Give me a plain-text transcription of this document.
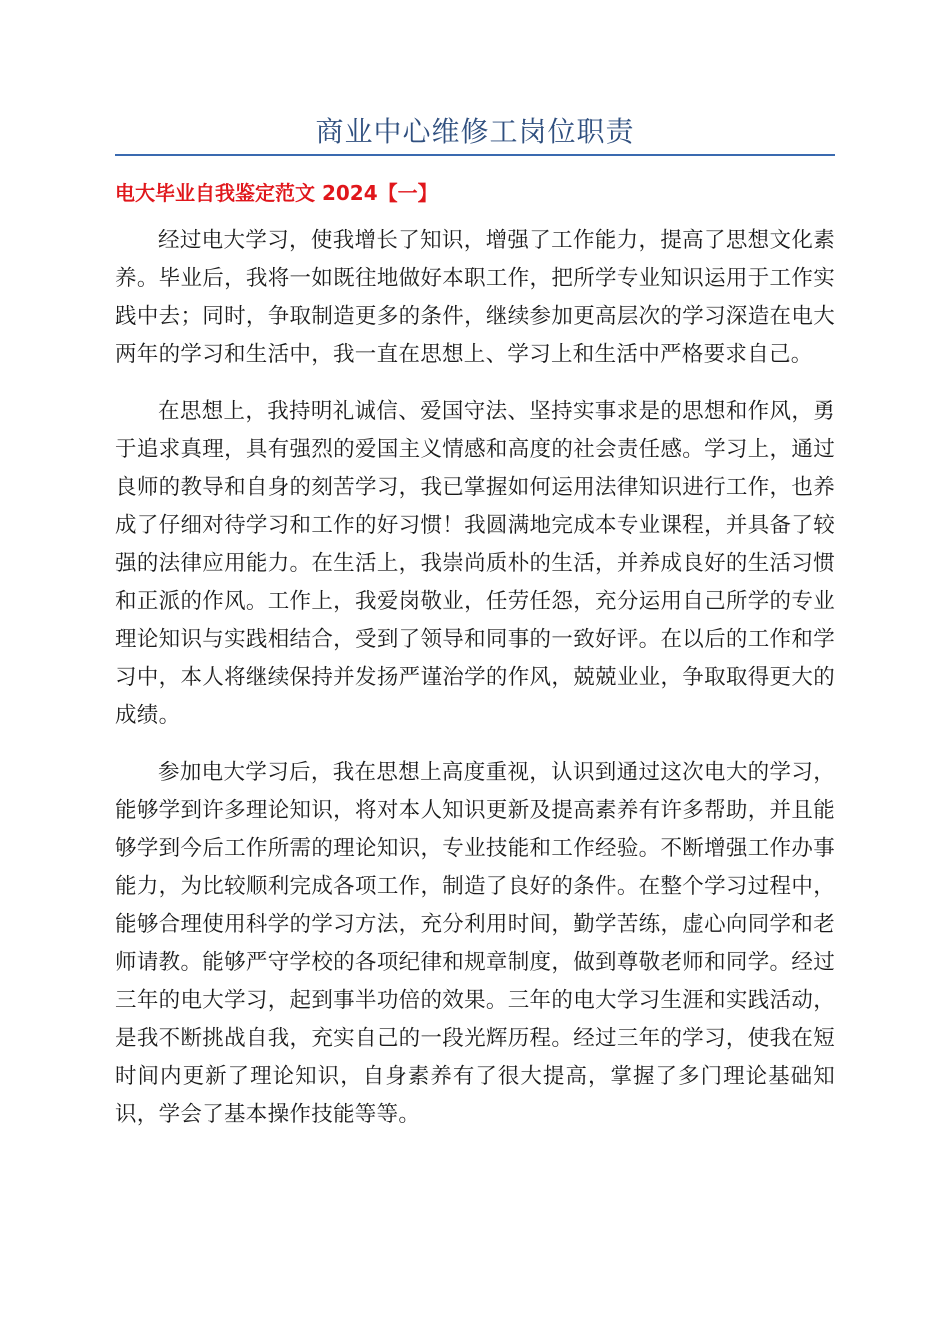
商业中心维修工岗位职责
电大毕业自我鉴定范文 2024【一】

经过电大学习，使我增长了知识，增强了工作能力，提高了思想文化素养。毕业后，我将一如既往地做好本职工作，把所学专业知识运用于工作实践中去；同时，争取制造更多的条件，继续参加更高层次的学习深造在电大两年的学习和生活中，我一直在思想上、学习上和生活中严格要求自己。

在思想上，我持明礼诚信、爱国守法、坚持实事求是的思想和作风，勇于追求真理，具有强烈的爱国主义情感和高度的社会责任感。学习上，通过良师的教导和自身的刻苦学习，我已掌握如何运用法律知识进行工作，也养成了仔细对待学习和工作的好习惯！我圆满地完成本专业课程，并具备了较强的法律应用能力。在生活上，我崇尚质朴的生活，并养成良好的生活习惯和正派的作风。工作上，我爱岗敬业，任劳任怨，充分运用自己所学的专业理论知识与实践相结合，受到了领导和同事的一致好评。在以后的工作和学习中，本人将继续保持并发扬严谨治学的作风，兢兢业业，争取取得更大的成绩。

参加电大学习后，我在思想上高度重视，认识到通过这次电大的学习，能够学到许多理论知识，将对本人知识更新及提高素养有许多帮助，并且能够学到今后工作所需的理论知识，专业技能和工作经验。不断增强工作办事能力，为比较顺利完成各项工作，制造了良好的条件。在整个学习过程中，能够合理使用科学的学习方法，充分利用时间，勤学苦练，虚心向同学和老师请教。能够严守学校的各项纪律和规章制度，做到尊敬老师和同学。经过三年的电大学习，起到事半功倍的效果。三年的电大学习生涯和实践活动，是我不断挑战自我，充实自己的一段光辉历程。经过三年的学习，使我在短时间内更新了理论知识，自身素养有了很大提高，掌握了多门理论基础知识，学会了基本操作技能等等。
